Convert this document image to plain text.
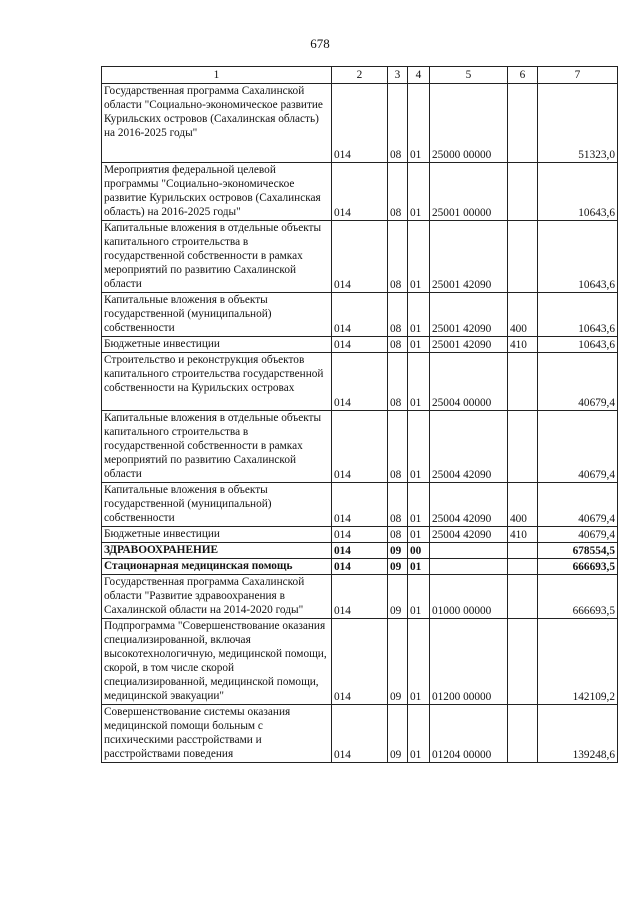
678
1	2	3	4	5	6	7
Государственная программа Сахалинской области "Социально-экономическое развитие Курильских островов (Сахалинская область) на 2016-2025 годы"	014	08	01	25000 00000		51323,0
Мероприятия федеральной целевой программы "Социально-экономическое развитие Курильских островов (Сахалинская область) на 2016-2025 годы"	014	08	01	25001 00000		10643,6
Капитальные вложения в отдельные объекты капитального строительства в государственной собственности в рамках мероприятий по развитию Сахалинской области	014	08	01	25001 42090		10643,6
Капитальные вложения в объекты государственной (муниципальной) собственности	014	08	01	25001 42090	400	10643,6
Бюджетные инвестиции	014	08	01	25001 42090	410	10643,6
Строительство и реконструкция объектов капитального строительства государственной собственности на Курильских островах	014	08	01	25004 00000		40679,4
Капитальные вложения в отдельные объекты капитального строительства в государственной собственности в рамках мероприятий по развитию Сахалинской области	014	08	01	25004 42090		40679,4
Капитальные вложения в объекты государственной (муниципальной) собственности	014	08	01	25004 42090	400	40679,4
Бюджетные инвестиции	014	08	01	25004 42090	410	40679,4
ЗДРАВООХРАНЕНИЕ	014	09	00			678554,5
Стационарная медицинская помощь	014	09	01			666693,5
Государственная программа Сахалинской области "Развитие здравоохранения в Сахалинской области на 2014-2020 годы"	014	09	01	01000 00000		666693,5
Подпрограмма "Совершенствование оказания специализированной, включая высокотехнологичную, медицинской помощи, скорой, в том числе скорой специализированной, медицинской помощи, медицинской эвакуации"	014	09	01	01200 00000		142109,2
Совершенствование системы оказания медицинской помощи больным с психическими расстройствами и расстройствами поведения	014	09	01	01204 00000		139248,6
